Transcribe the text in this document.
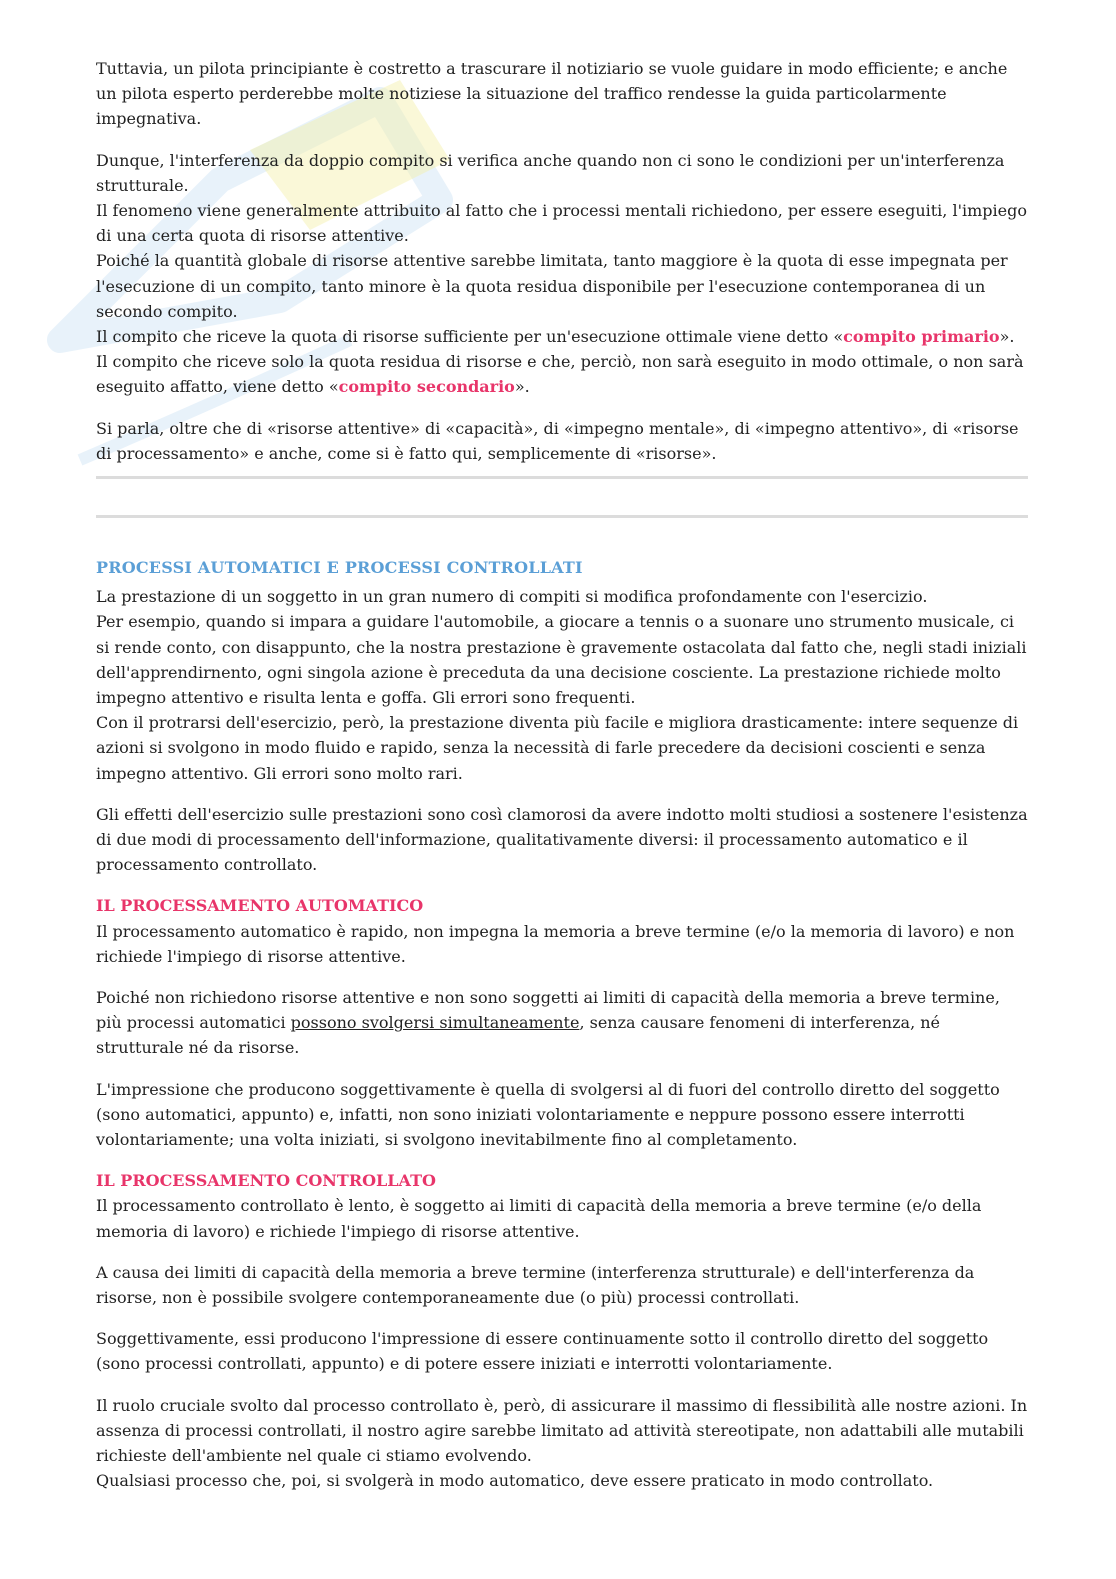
Tuttavia, un pilota principiante è costretto a trascurare il notiziario se vuole guidare in modo efficiente; e anche un pilota esperto perderebbe molte notiziese la situazione del traffico rendesse la guida particolarmente impegnativa.

Dunque, l'interferenza da doppio compito si verifica anche quando non ci sono le condizioni per un'interferenza strutturale.

Il fenomeno viene generalmente attribuito al fatto che i processi mentali richiedono, per essere eseguiti, l'impiego di una certa quota di risorse attentive.

Poiché la quantità globale di risorse attentive sarebbe limitata, tanto maggiore è la quota di esse impegnata per l'esecuzione di un compito, tanto minore è la quota residua disponibile per l'esecuzione contemporanea di un secondo compito.

Il compito che riceve la quota di risorse sufficiente per un'esecuzione ottimale viene detto «compito primario».

Il compito che riceve solo la quota residua di risorse e che, perciò, non sarà eseguito in modo ottimale, o non sarà eseguito affatto, viene detto «compito secondario».

Si parla, oltre che di «risorse attentive» di «capacità», di «impegno mentale», di «impegno attentivo», di «risorse di processamento» e anche, come si è fatto qui, semplicemente di «risorse».

PROCESSI AUTOMATICI E PROCESSI CONTROLLATI

La prestazione di un soggetto in un gran numero di compiti si modifica profondamente con l'esercizio.

Per esempio, quando si impara a guidare l'automobile, a giocare a tennis o a suonare uno strumento musicale, ci si rende conto, con disappunto, che la nostra prestazione è gravemente ostacolata dal fatto che, negli stadi iniziali dell'apprendirnento, ogni singola azione è preceduta da una decisione cosciente. La prestazione richiede molto impegno attentivo e risulta lenta e goffa. Gli errori sono frequenti.

Con il protrarsi dell'esercizio, però, la prestazione diventa più facile e migliora drasticamente: intere sequenze di azioni si svolgono in modo fluido e rapido, senza la necessità di farle precedere da decisioni coscienti e senza impegno attentivo. Gli errori sono molto rari.

Gli effetti dell'esercizio sulle prestazioni sono così clamorosi da avere indotto molti studiosi a sostenere l'esistenza di due modi di processamento dell'informazione, qualitativamente diversi: il processamento automatico e il processamento controllato.

IL PROCESSAMENTO AUTOMATICO

Il processamento automatico è rapido, non impegna la memoria a breve termine (e/o la memoria di lavoro) e non richiede l'impiego di risorse attentive.

Poiché non richiedono risorse attentive e non sono soggetti ai limiti di capacità della memoria a breve termine, più processi automatici possono svolgersi simultaneamente, senza causare fenomeni di interferenza, né strutturale né da risorse.

L'impressione che producono soggettivamente è quella di svolgersi al di fuori del controllo diretto del soggetto (sono automatici, appunto) e, infatti, non sono iniziati volontariamente e neppure possono essere interrotti volontariamente; una volta iniziati, si svolgono inevitabilmente fino al completamento.

IL PROCESSAMENTO CONTROLLATO

Il processamento controllato è lento, è soggetto ai limiti di capacità della memoria a breve termine (e/o della memoria di lavoro) e richiede l'impiego di risorse attentive.

A causa dei limiti di capacità della memoria a breve termine (interferenza strutturale) e dell'interferenza da risorse, non è possibile svolgere contemporaneamente due (o più) processi controllati.

Soggettivamente, essi producono l'impressione di essere continuamente sotto il controllo diretto del soggetto (sono processi controllati, appunto) e di potere essere iniziati e interrotti volontariamente.

Il ruolo cruciale svolto dal processo controllato è, però, di assicurare il massimo di flessibilità alle nostre azioni. In assenza di processi controllati, il nostro agire sarebbe limitato ad attività stereotipate, non adattabili alle mutabili richieste dell'ambiente nel quale ci stiamo evolvendo.

Qualsiasi processo che, poi, si svolgerà in modo automatico, deve essere praticato in modo controllato.
